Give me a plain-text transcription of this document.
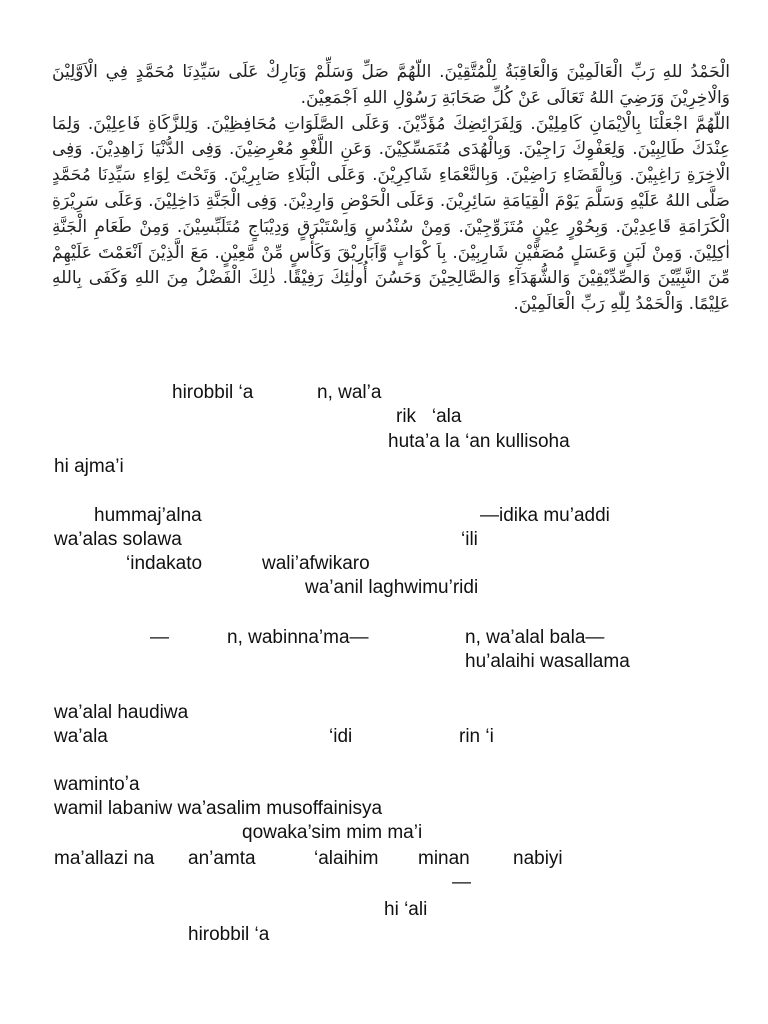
الْحَمْدُ للهِ رَبِّ الْعَالَمِيْنَ وَالْعَاقِبَةُ لِلْمُتَّقِيْنَ. اللّهُمَّ صَلِّ وَسَلِّمْ وَبَارِكْ عَلَى سَيِّدِنَا مُحَمَّدٍ فِي الْاَوَّلِيْنَ وَالْاخِرِيْنَ وَرَضِيَ اللهُ تَعَالَى عَنْ كُلِّ صَحَابَةِ رَسُوْلِ اللهِ اَجْمَعِيْنَ.

اللّهُمَّ اجْعَلْنَا بِالْاِيْمَانِ كَامِلِيْنَ. وَلِفَرَائِضِكَ مُؤَدِّيْنَ. وَعَلَى الصَّلَوَاتِ مُحَافِظِيْنَ. وَلِلزَّكَاةِ فَاعِلِيْنَ. وَلِمَا عِنْدَكَ طَالِبِيْنَ. وَلِعَفْوِكَ رَاجِيْنَ. وَبِالْهُدَى مُتَمَسِّكِيْنَ. وَعَنِ اللَّغْوِ مُعْرِضِيْنَ. وَفِى الدُّنْيَا زَاهِدِيْنَ. وَفِى الْاخِرَةِ رَاغِبِيْنَ. وَبِالْقَضَاءِ رَاضِيْنَ. وَبِالنَّعْمَاءِ شَاكِرِيْنَ. وَعَلَى الْبَلَاءِ صَابِرِيْنَ. وَتَحْتَ لِوَاءِ سَيِّدِنَا مُحَمَّدٍ صَلَّى اللهُ عَلَيْهِ وَسَلَّمَ يَوْمَ الْقِيَامَةِ سَائِرِيْنَ. وَعَلَى الْحَوْضِ وَارِدِيْنَ. وَفِى الْجَنَّةِ دَاخِلِيْنَ. وَعَلَى سَرِيْرَةِ الْكَرَامَةِ قَاعِدِيْنَ. وَبِحُوْرٍ عِيْنٍ مُتَزَوِّجِيْنَ. وَمِنْ سُنْدُسٍ وَاِسْتَبْرَقٍ وَدِيْبَاجٍ مُتَلَبِّسِيْنَ. وَمِنْ طَعَامِ الْجَنَّةِ اٰكِلِيْنَ. وَمِنْ لَبَنٍ وَعَسَلٍ مُصَفَّيْنِ شَارِبِيْنَ. بِاَ كْوَابٍ وَّاَبَارِيْقَ وَكَأْسٍ مِّنْ مَّعِيْنٍ. مَعَ الَّذِيْنَ اَنْعَمْتَ عَلَيْهِمْ مِّنَ النَّبِيِّيْنَ وَالصِّدِّيْقِيْنَ وَالشُّهَدَآءِ وَالصَّالِحِيْنَ وَحَسُنَ أُولٰئِكَ رَفِيْقًا. ذٰلِكَ الْفَضْلُ مِنَ اللهِ وَكَفَى بِاللهِ عَلِيْمًا. وَالْحَمْدُ لِلّٰهِ رَبِّ الْعَالَمِيْنَ.

hirobbil ‘a	n, wal’a
rik   ‘ala
huta’a la ‘an kullisoha
hi ajma’i
hummaj’alna	—idika mu’addi
wa’alas solawa	‘ili
‘indakato	wali’afwikaro
wa’anil laghwimu’ridi
—	n, wabinna’ma—	n, wa’alal bala—
hu’alaihi wasallama
wa’alal haudiwa
wa’ala	‘idi	rin ‘i
wamintoʼa
wamil labaniw wa’asalim musoffainisya
qowaka’sim mim ma’i
ma’allazi na an’amta	‘alaihim minan nabiyi
—
hi ‘ali
hirobbil ‘a
